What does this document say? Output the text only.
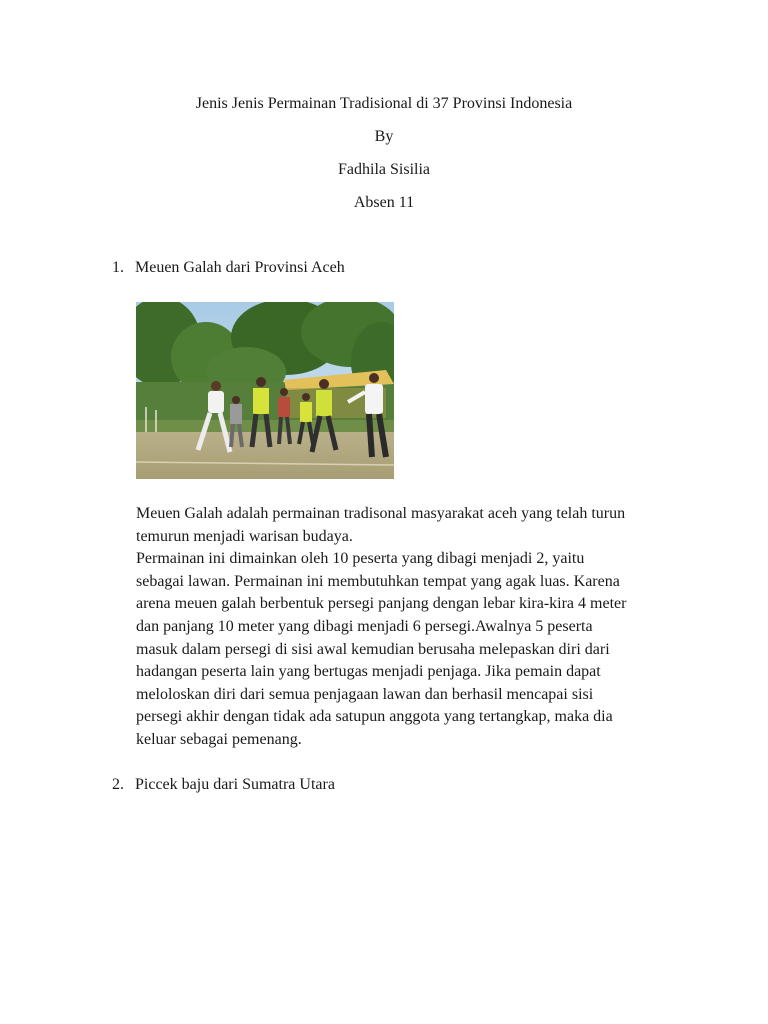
Jenis Jenis Permainan Tradisional di 37 Provinsi Indonesia
By
Fadhila Sisilia
Absen 11
1. Meuen Galah dari Provinsi Aceh

Meuen Galah adalah permainan tradisonal masyarakat aceh yang telah turun

temurun menjadi warisan budaya.

Permainan ini dimainkan oleh 10 peserta yang dibagi menjadi 2, yaitu

sebagai lawan. Permainan ini membutuhkan tempat yang agak luas. Karena

arena meuen galah berbentuk persegi panjang dengan lebar kira-kira 4 meter

dan panjang 10 meter yang dibagi menjadi 6 persegi.Awalnya 5 peserta

masuk dalam persegi di sisi awal kemudian berusaha melepaskan diri dari

hadangan peserta lain yang bertugas menjadi penjaga. Jika pemain dapat

meloloskan diri dari semua penjagaan lawan dan berhasil mencapai sisi

persegi akhir dengan tidak ada satupun anggota yang tertangkap, maka dia

keluar sebagai pemenang.

2. Piccek baju dari Sumatra Utara
